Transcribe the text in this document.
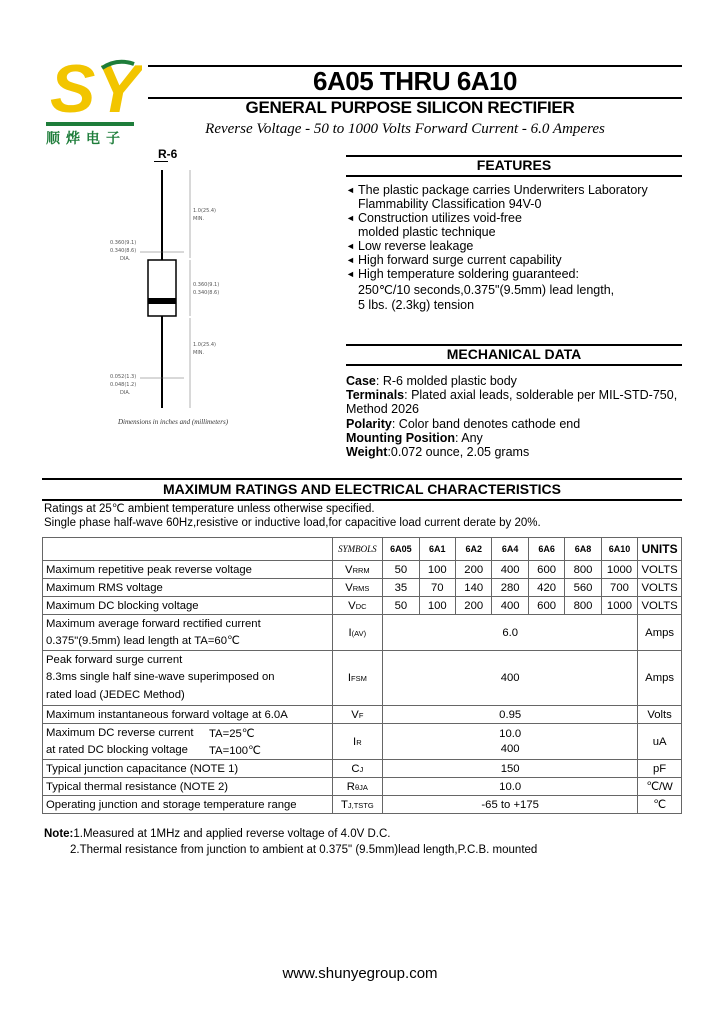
SY
顺烨电子
6A05 THRU 6A10
GENERAL PURPOSE SILICON RECTIFIER
Reverse Voltage - 50 to 1000 Volts Forward Current - 6.0 Amperes
R-6
1.0(25.4)
MIN.
0.360(9.1)
0.340(8.6)
DIA.
0.360(9.1)
0.340(8.6)
1.0(25.4)
MIN.
0.052(1.3)
0.048(1.2)
DIA.
Dimensions in inches and (millimeters)
FEATURES
◄ The plastic package carries Underwriters Laboratory
Flammability Classification 94V-0
◄ Construction utilizes void-free
molded plastic technique
◄ Low reverse leakage
◄ High forward surge current capability
◄ High temperature soldering guaranteed:
250℃/10 seconds,0.375"(9.5mm) lead length,
5 lbs. (2.3kg) tension
MECHANICAL DATA
Case: R-6 molded plastic body
Terminals: Plated axial leads, solderable per MIL-STD-750, Method 2026
Polarity: Color band denotes cathode end
Mounting Position: Any
Weight:0.072 ounce, 2.05 grams
MAXIMUM RATINGS AND ELECTRICAL CHARACTERISTICS
Ratings at 25℃ ambient temperature unless otherwise specified.
Single phase half-wave 60Hz,resistive or inductive load,for capacitive load current derate by 20%.
	SYMBOLS	6A05	6A1	6A2	6A4	6A6	6A8	6A10	UNITS
Maximum repetitive peak reverse voltage	VRRM	50	100	200	400	600	800	1000	VOLTS
Maximum RMS voltage	VRMS	35	70	140	280	420	560	700	VOLTS
Maximum DC blocking voltage	VDC	50	100	200	400	600	800	1000	VOLTS
Maximum average forward rectified current
0.375"(9.5mm) lead length at TA=60℃	I(AV)	6.0							Amps
Peak forward surge current
8.3ms single half sine-wave superimposed on
rated load (JEDEC Method)	IFSM	400							Amps
Maximum instantaneous forward voltage at 6.0A	VF	0.95							Volts
Maximum DC reverse current TA=25℃

at rated DC blocking voltage TA=100℃	IR	10.0
400							uA
Typical junction capacitance (NOTE 1)	CJ	150							pF
Typical thermal resistance (NOTE 2)	RθJA	10.0							℃/W
Operating junction and storage temperature range	TJ,TSTG	-65 to +175							℃
Note:1.Measured at 1MHz and applied reverse voltage of 4.0V D.C.
2.Thermal resistance from junction to ambient at 0.375" (9.5mm)lead length,P.C.B. mounted
www.shunyegroup.com
